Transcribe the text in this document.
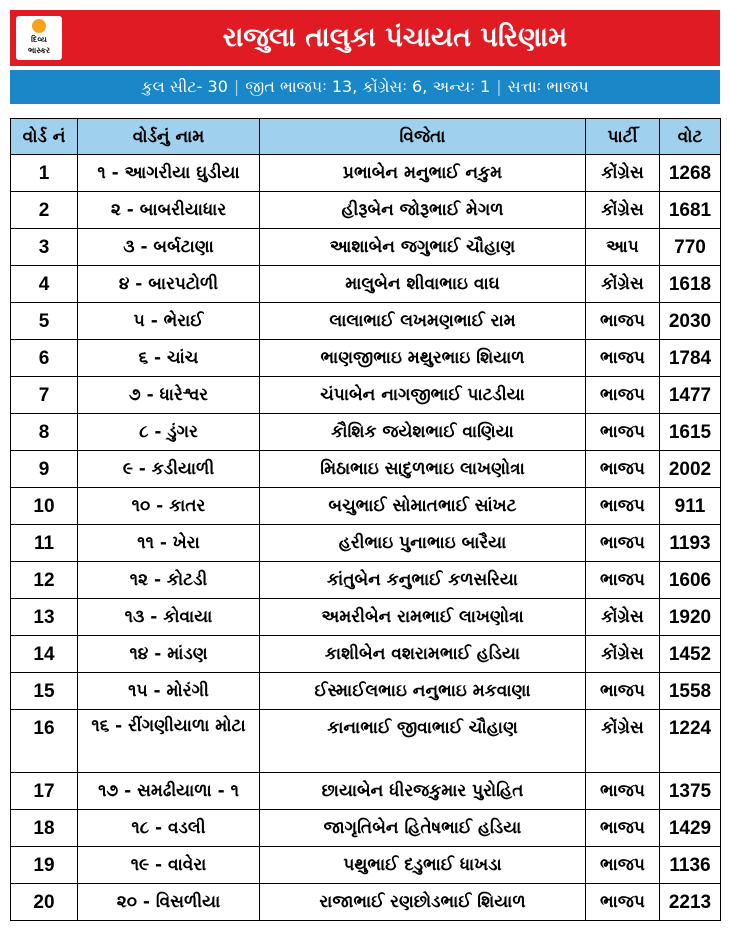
દિવ્ય
ભાસ્કર	રાજુલા તાલુકા પંચાયત પરિણામ
કુલ સીટ- 30 | જીત ભાજપઃ 13, કોંગ્રેસઃ 6, અન્યઃ 1 | સત્તાઃ ભાજપ
વોર્ડ નં	વોર્ડનું નામ	વિજેતા	પાર્ટી	વોટ
1	૧ - આગરીયા ઘુડીયા	પ્રભાબેન મનુભાઈ નકુમ	કોંગ્રેસ	1268
2	૨ - બાબરીયાધાર	હીરૂબેન જોરૂભાઈ મેગળ	કોંગ્રેસ	1681
3	૩ - બર્બટાણા	આશાબેન જગુભાઈ ચૌહાણ	આપ	770
4	૪ - બારપટોળી	માલુબેન શીવાભાઇ વાઘ	કોંગ્રેસ	1618
5	૫ - ભેરાઈ	લાલાભાઈ લખમણભાઈ રામ	ભાજપ	2030
6	૬ - ચાંચ	ભાણજીભાઇ મથુરભાઇ શિયાળ	ભાજપ	1784
7	૭ - ધારેશ્વર	ચંપાબેન નાગજીભાઈ પાટડીયા	ભાજપ	1477
8	૮ - ડુંગર	કૌશિક જયેશભાઈ વાણિયા	ભાજપ	1615
9	૯ - કડીયાળી	મિઠાભાઇ સાદુળભાઇ લાખણોત્રા	ભાજપ	2002
10	૧૦ - કાતર	બચુભાઈ સોમાતભાઈ સાંખટ	ભાજપ	911
11	૧૧ - ખેરા	હરીભાઇ પુનાભાઇ બારૈયા	ભાજપ	1193
12	૧૨ - કોટડી	કાંતુબેન કનુભાઈ કળસરિયા	ભાજપ	1606
13	૧૩ - કોવાયા	અમરીબેન રામભાઈ લાખણોત્રા	કોંગ્રેસ	1920
14	૧૪ - માંડણ	કાશીબેન વશરામભાઈ હડિયા	કોંગ્રેસ	1452
15	૧૫ - મોરંગી	ઈસ્માઈલભાઇ નનુભાઇ મકવાણા	ભાજપ	1558
16	૧૬ - રીંગણીયાળા મોટા	કાનાભાઈ જીવાભાઈ ચૌહાણ	કોંગ્રેસ	1224
17	૧૭ - સમઢીયાળા - ૧	છાયાબેન ધીરજકુમાર પુરોહિત	ભાજપ	1375
18	૧૮ - વડલી	જાગૃતિબેન હિતેષભાઈ હડિયા	ભાજપ	1429
19	૧૯ - વાવેરા	પથુભાઈ દડુભાઈ ધાખડા	ભાજપ	1136
20	૨૦ - વિસળીયા	રાજાભાઈ રણછોડભાઈ શિયાળ	ભાજપ	2213
